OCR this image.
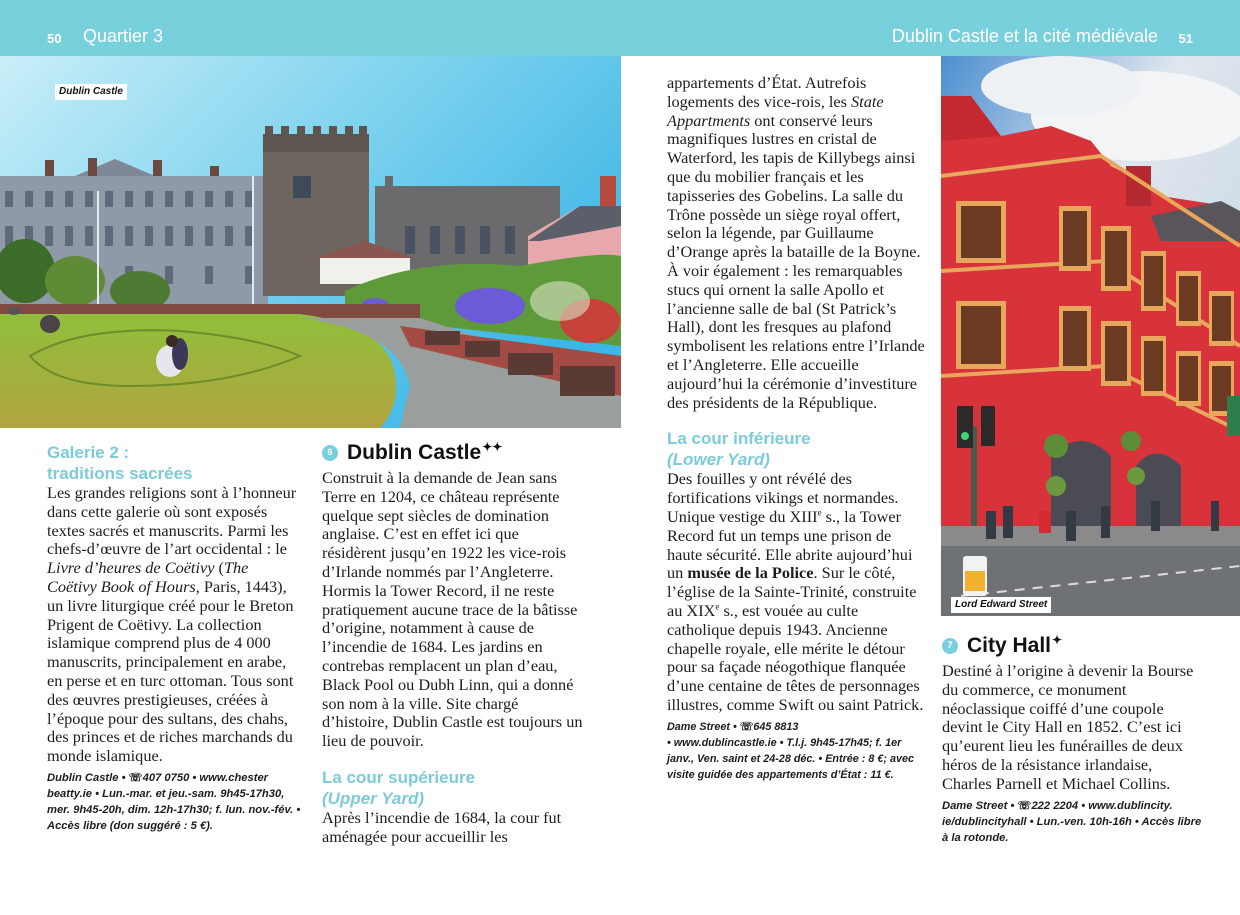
50 Quartier 3	Dublin Castle et la cité médiévale 51
Dublin Castle
Lord Edward Street

Galerie 2 :
traditions sacrées

Les grandes religions sont à l’honneur dans cette galerie où sont exposés textes sacrés et manuscrits. Parmi les chefs-d’œuvre de l’art occidental : le Livre d’heures de Coëtivy (The Coëtivy Book of Hours, Paris, 1443), un livre liturgique créé pour le Breton Prigent de Coëtivy. La collection islamique comprend plus de 4 000 manuscrits, principalement en arabe, en perse et en turc ottoman. Tous sont des œuvres prestigieuses, créées à l’époque pour des sultans, des chahs, des princes et de riches marchands du monde islamique.

Dublin Castle • ☏407 0750 • www.chester beatty.ie • Lun.-mar. et jeu.-sam. 9h45-17h30, mer. 9h45-20h, dim. 12h-17h30; f. lun. nov.-fév. • Accès libre (don suggéré : 5 €).

6 Dublin Castle ✦✦

Construit à la demande de Jean sans Terre en 1204, ce château représente quelque sept siècles de domination anglaise. C’est en effet ici que résidèrent jusqu’en 1922 les vice-rois d’Irlande nommés par l’Angleterre. Hormis la Tower Record, il ne reste pratiquement aucune trace de la bâtisse d’origine, notamment à cause de l’incendie de 1684. Les jardins en contrebas remplacent un plan d’eau, Black Pool ou Dubh Linn, qui a donné son nom à la ville. Site chargé d’histoire, Dublin Castle est toujours un lieu de pouvoir.

La cour supérieure
(Upper Yard)

Après l’incendie de 1684, la cour fut aménagée pour accueillir les

appartements d’État. Autrefois logements des vice-rois, les State Appartments ont conservé leurs magnifiques lustres en cristal de Waterford, les tapis de Killybegs ainsi que du mobilier français et les tapisseries des Gobelins. La salle du Trône possède un siège royal offert, selon la légende, par Guillaume d’Orange après la bataille de la Boyne. À voir également : les remarquables stucs qui ornent la salle Apollo et l’ancienne salle de bal (St Patrick’s Hall), dont les fresques au plafond symbolisent les relations entre l’Irlande et l’Angleterre. Elle accueille aujourd’hui la cérémonie d’investiture des présidents de la République.

La cour inférieure
(Lower Yard)

Des fouilles y ont révélé des fortifications vikings et normandes. Unique vestige du XIIIe s., la Tower Record fut un temps une prison de haute sécurité. Elle abrite aujourd’hui un musée de la Police. Sur le côté, l’église de la Sainte-Trinité, construite au XIXe s., est vouée au culte catholique depuis 1943. Ancienne chapelle royale, elle mérite le détour pour sa façade néogothique flanquée d’une centaine de têtes de personnages illustres, comme Swift ou saint Patrick.

Dame Street • ☏645 8813
• www.dublincastle.ie • T.l.j. 9h45-17h45; f. 1er janv., Ven. saint et 24-28 déc. • Entrée : 8 €; avec visite guidée des appartements d’État : 11 €.

7 City Hall ✦

Destiné à l’origine à devenir la Bourse du commerce, ce monument néoclassique coiffé d’une coupole devint le City Hall en 1852. C’est ici qu’eurent lieu les funérailles de deux héros de la résistance irlandaise, Charles Parnell et Michael Collins.

Dame Street • ☏222 2204 • www.dublincity. ie/dublincityhall • Lun.-ven. 10h-16h • Accès libre à la rotonde.
